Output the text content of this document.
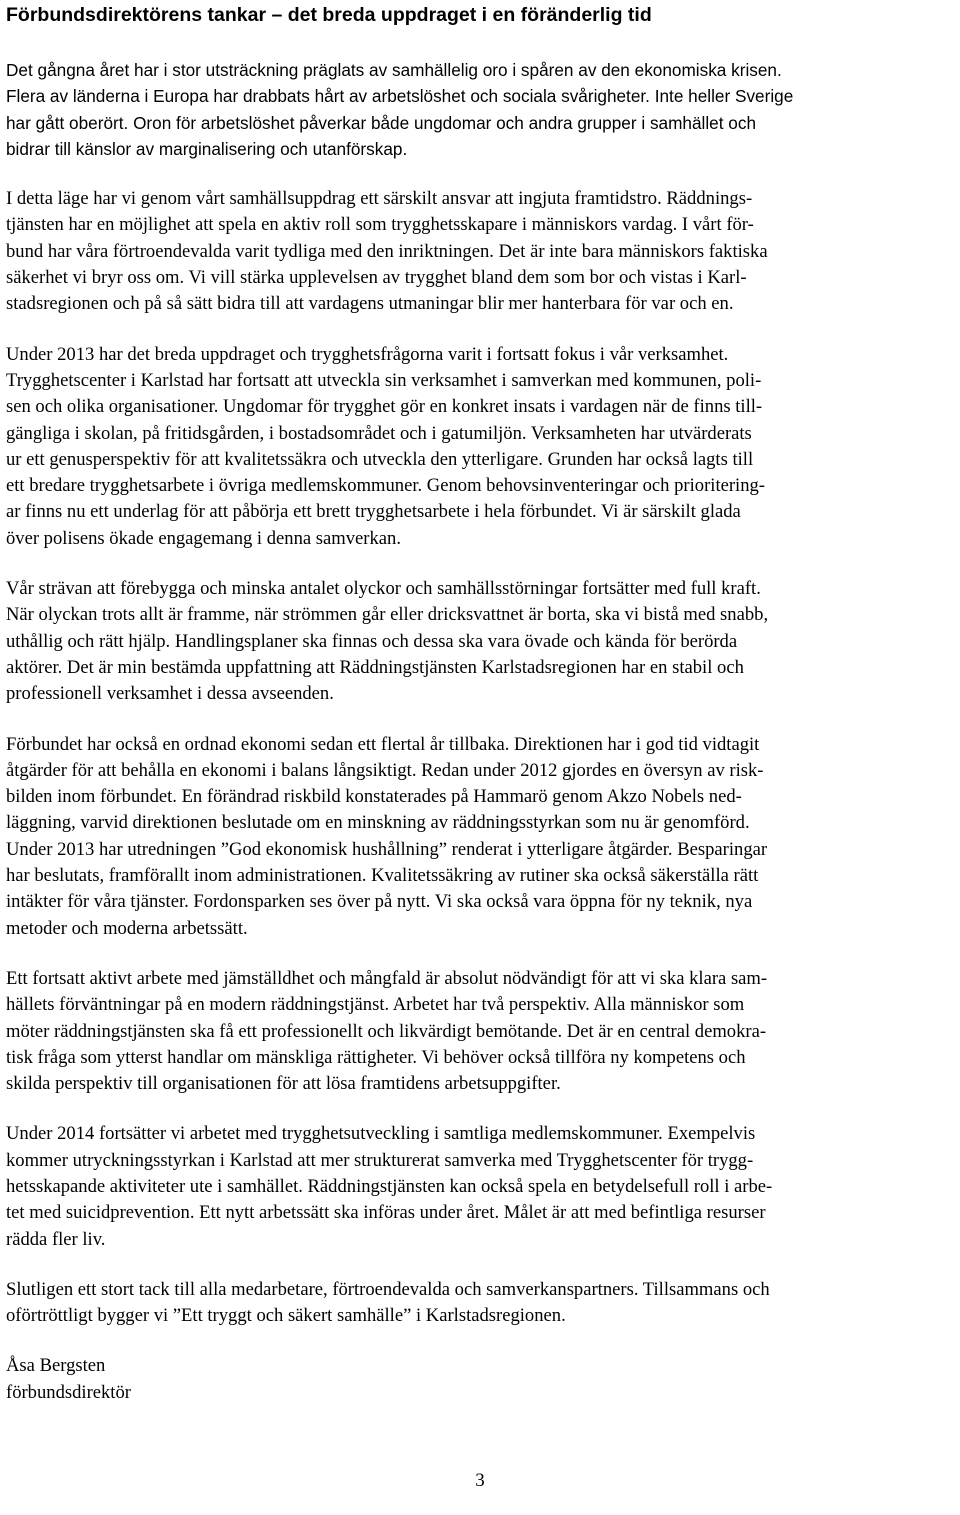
Förbundsdirektörens tankar – det breda uppdraget i en föränderlig tid

Det gångna året har i stor utsträckning präglats av samhällelig oro i spåren av den ekonomiska krisen.
Flera av länderna i Europa har drabbats hårt av arbetslöshet och sociala svårigheter. Inte heller Sverige
har gått oberört. Oron för arbetslöshet påverkar både ungdomar och andra grupper i samhället och
bidrar till känslor av marginalisering och utanförskap.

I detta läge har vi genom vårt samhällsuppdrag ett särskilt ansvar att ingjuta framtidstro. Räddnings-
tjänsten har en möjlighet att spela en aktiv roll som trygghetsskapare i människors vardag. I vårt för-
bund har våra förtroendevalda varit tydliga med den inriktningen. Det är inte bara människors faktiska
säkerhet vi bryr oss om. Vi vill stärka upplevelsen av trygghet bland dem som bor och vistas i Karl-
stadsregionen och på så sätt bidra till att vardagens utmaningar blir mer hanterbara för var och en.

Under 2013 har det breda uppdraget och trygghetsfrågorna varit i fortsatt fokus i vår verksamhet.
Trygghetscenter i Karlstad har fortsatt att utveckla sin verksamhet i samverkan med kommunen, poli-
sen och olika organisationer. Ungdomar för trygghet gör en konkret insats i vardagen när de finns till-
gängliga i skolan, på fritidsgården, i bostadsområdet och i gatumiljön. Verksamheten har utvärderats
ur ett genusperspektiv för att kvalitetssäkra och utveckla den ytterligare. Grunden har också lagts till
ett bredare trygghetsarbete i övriga medlemskommuner. Genom behovsinventeringar och prioritering-
ar finns nu ett underlag för att påbörja ett brett trygghetsarbete i hela förbundet. Vi är särskilt glada
över polisens ökade engagemang i denna samverkan.

Vår strävan att förebygga och minska antalet olyckor och samhällsstörningar fortsätter med full kraft.
När olyckan trots allt är framme, när strömmen går eller dricksvattnet är borta, ska vi bistå med snabb,
uthållig och rätt hjälp. Handlingsplaner ska finnas och dessa ska vara övade och kända för berörda
aktörer. Det är min bestämda uppfattning att Räddningstjänsten Karlstadsregionen har en stabil och
professionell verksamhet i dessa avseenden.

Förbundet har också en ordnad ekonomi sedan ett flertal år tillbaka. Direktionen har i god tid vidtagit
åtgärder för att behålla en ekonomi i balans långsiktigt. Redan under 2012 gjordes en översyn av risk-
bilden inom förbundet. En förändrad riskbild konstaterades på Hammarö genom Akzo Nobels ned-
läggning, varvid direktionen beslutade om en minskning av räddningsstyrkan som nu är genomförd.
Under 2013 har utredningen ”God ekonomisk hushållning” renderat i ytterligare åtgärder. Besparingar
har beslutats, framförallt inom administrationen. Kvalitetssäkring av rutiner ska också säkerställa rätt
intäkter för våra tjänster. Fordonsparken ses över på nytt. Vi ska också vara öppna för ny teknik, nya
metoder och moderna arbetssätt.

Ett fortsatt aktivt arbete med jämställdhet och mångfald är absolut nödvändigt för att vi ska klara sam-
hällets förväntningar på en modern räddningstjänst. Arbetet har två perspektiv. Alla människor som
möter räddningstjänsten ska få ett professionellt och likvärdigt bemötande. Det är en central demokra-
tisk fråga som ytterst handlar om mänskliga rättigheter. Vi behöver också tillföra ny kompetens och
skilda perspektiv till organisationen för att lösa framtidens arbetsuppgifter.

Under 2014 fortsätter vi arbetet med trygghetsutveckling i samtliga medlemskommuner. Exempelvis
kommer utryckningsstyrkan i Karlstad att mer strukturerat samverka med Trygghetscenter för trygg-
hetsskapande aktiviteter ute i samhället. Räddningstjänsten kan också spela en betydelsefull roll i arbe-
tet med suicidprevention. Ett nytt arbetssätt ska införas under året. Målet är att med befintliga resurser
rädda fler liv.

Slutligen ett stort tack till alla medarbetare, förtroendevalda och samverkanspartners. Tillsammans och
oförtröttligt bygger vi ”Ett tryggt och säkert samhälle” i Karlstadsregionen.

Åsa Bergsten
förbundsdirektör

3
